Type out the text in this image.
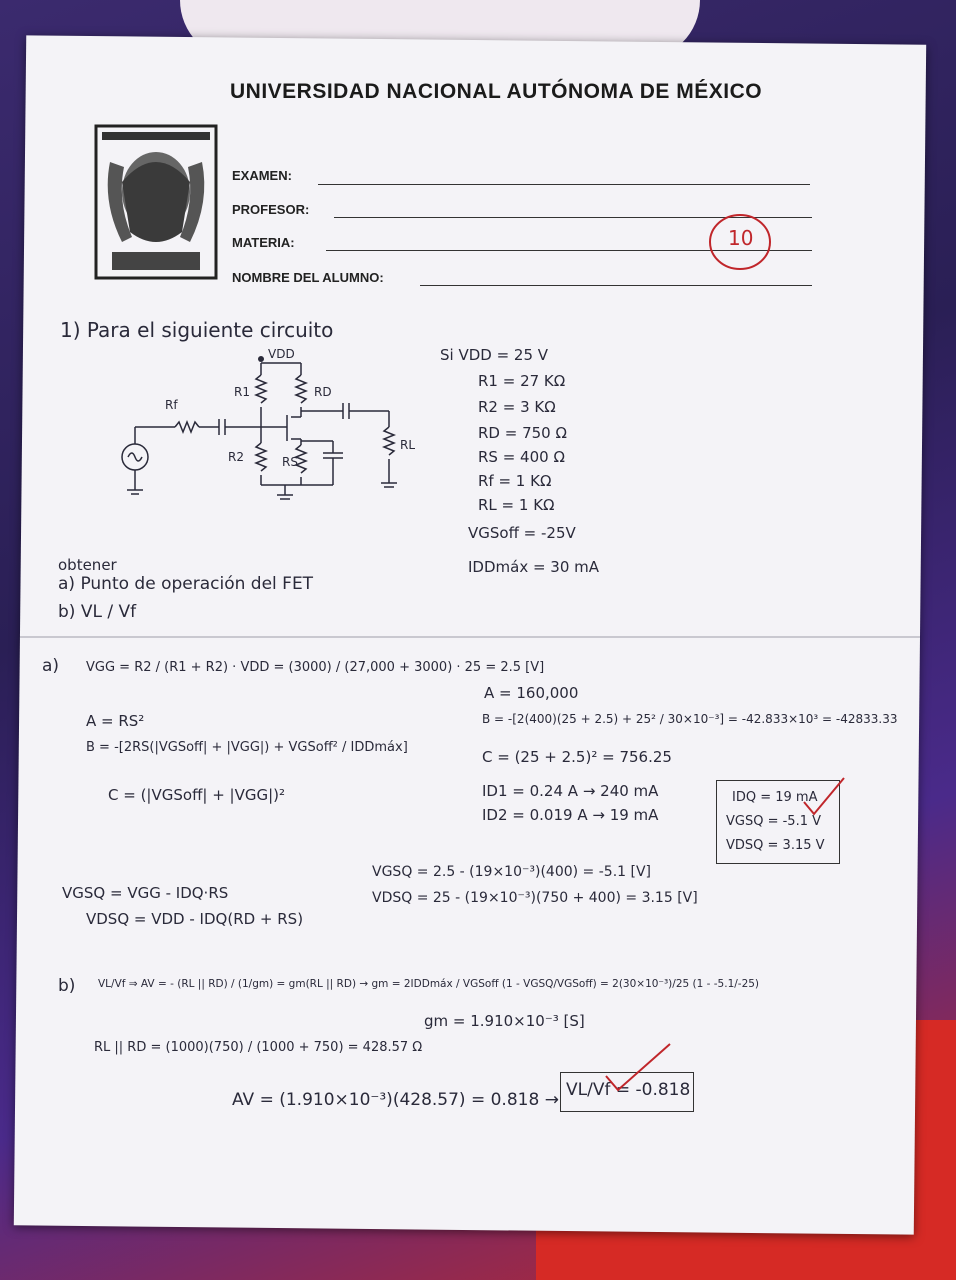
UNIVERSIDAD NACIONAL AUTÓNOMA DE MÉXICO
EXAMEN:
PROFESOR:
MATERIA:
NOMBRE DEL ALUMNO:
10
1) Para el siguiente circuito
VDD
R1	RD
Rf
R2	RS
RL
Si VDD = 25 V
R1 = 27 KΩ
R2 = 3 KΩ
RD = 750 Ω
RS = 400 Ω
Rf = 1 KΩ
RL = 1 KΩ
VGSoff = -25V
IDDmáx = 30 mA
obtener
a) Punto de operación del FET
b) VL / Vf
a) VGG = R2 / (R1 + R2) · VDD = (3000) / (27,000 + 3000) · 25 = 2.5 [V]
A = RS²
B = -[2RS(|VGSoff| + |VGG|) + VGSoff² / IDDmáx]
C = (|VGSoff| + |VGG|)²
A = 160,000
B = -[2(400)(25 + 2.5) + 25² / 30×10⁻³] = -42.833×10³ = -42833.33
C = (25 + 2.5)² = 756.25
ID1 = 0.24 A → 240 mA
ID2 = 0.019 A → 19 mA
IDQ = 19 mA
VGSQ = -5.1 V
VDSQ = 3.15 V
VGSQ = VGG - IDQ·RS
VDSQ = VDD - IDQ(RD + RS)
VGSQ = 2.5 - (19×10⁻³)(400) = -5.1 [V]
VDSQ = 25 - (19×10⁻³)(750 + 400) = 3.15 [V]
b) VL/Vf ⇒ AV = - (RL || RD) / (1/gm) = gm(RL || RD) → gm = 2IDDmáx / VGSoff (1 - VGSQ/VGSoff) = 2(30×10⁻³)/25 (1 - -5.1/-25)
RL || RD = (1000)(750) / (1000 + 750) = 428.57 Ω
gm = 1.910×10⁻³ [S]
AV = (1.910×10⁻³)(428.57) = 0.818 → VL/Vf = -0.818
